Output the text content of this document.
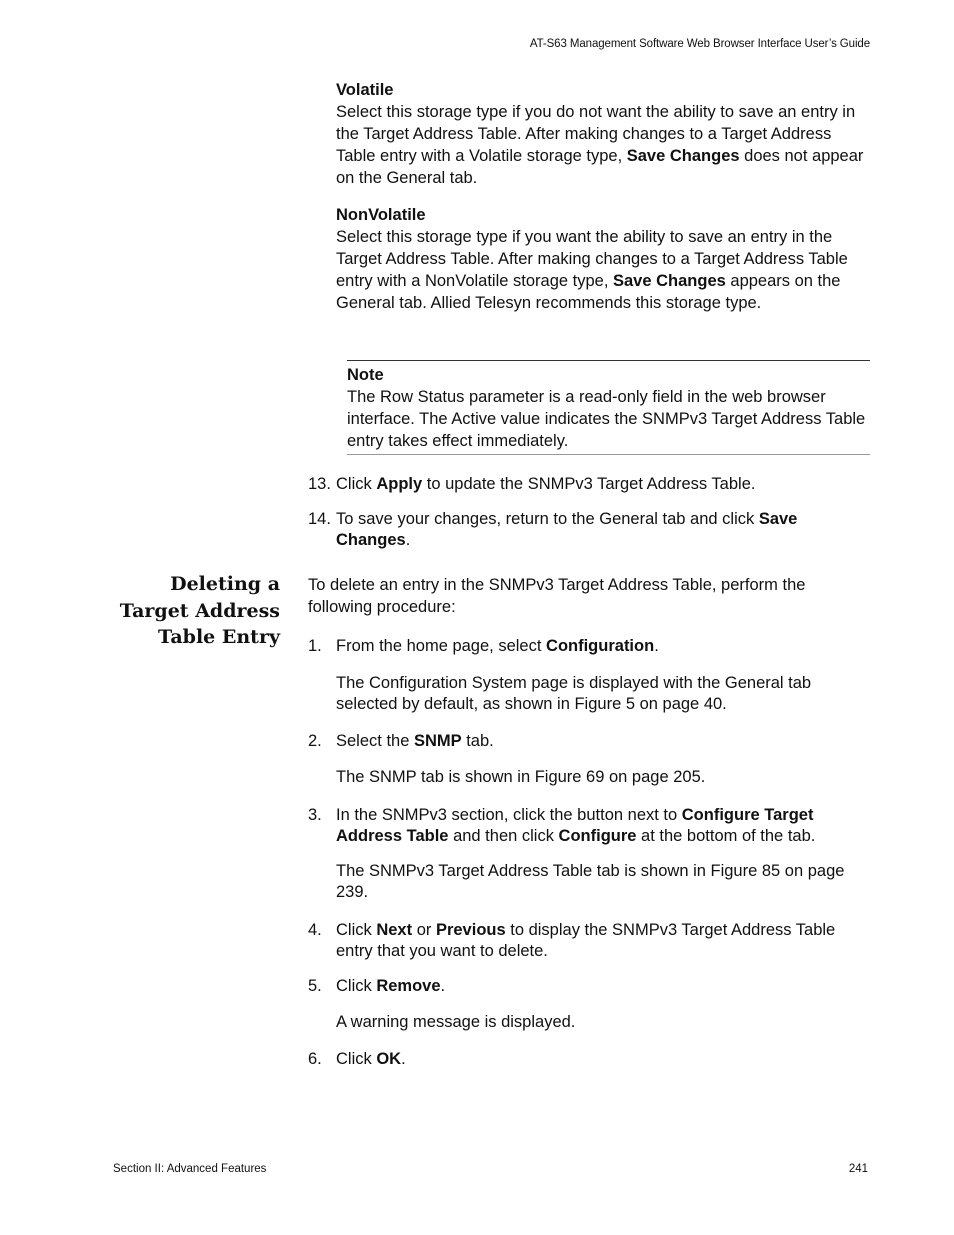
AT-S63 Management Software Web Browser Interface User’s Guide

Volatile

Select this storage type if you do not want the ability to save an entry in the Target Address Table. After making changes to a Target Address Table entry with a Volatile storage type, Save Changes does not appear on the General tab.

NonVolatile

Select this storage type if you want the ability to save an entry in the Target Address Table. After making changes to a Target Address Table entry with a NonVolatile storage type, Save Changes appears on the General tab. Allied Telesyn recommends this storage type.

Note
The Row Status parameter is a read-only field in the web browser interface. The Active value indicates the SNMPv3 Target Address Table entry takes effect immediately.
13. Click Apply to update the SNMPv3 Target Address Table.
14. To save your changes, return to the General tab and click Save Changes.
Deleting a
Target Address
Table Entry
To delete an entry in the SNMPv3 Target Address Table, perform the following procedure:
1. From the home page, select Configuration.
The Configuration System page is displayed with the General tab selected by default, as shown in Figure 5 on page 40.
2. Select the SNMP tab.
The SNMP tab is shown in Figure 69 on page 205.
3. In the SNMPv3 section, click the button next to Configure Target Address Table and then click Configure at the bottom of the tab.
The SNMPv3 Target Address Table tab is shown in Figure 85 on page 239.
4. Click Next or Previous to display the SNMPv3 Target Address Table entry that you want to delete.
5. Click Remove.
A warning message is displayed.
6. Click OK.
Section II: Advanced Features	241
